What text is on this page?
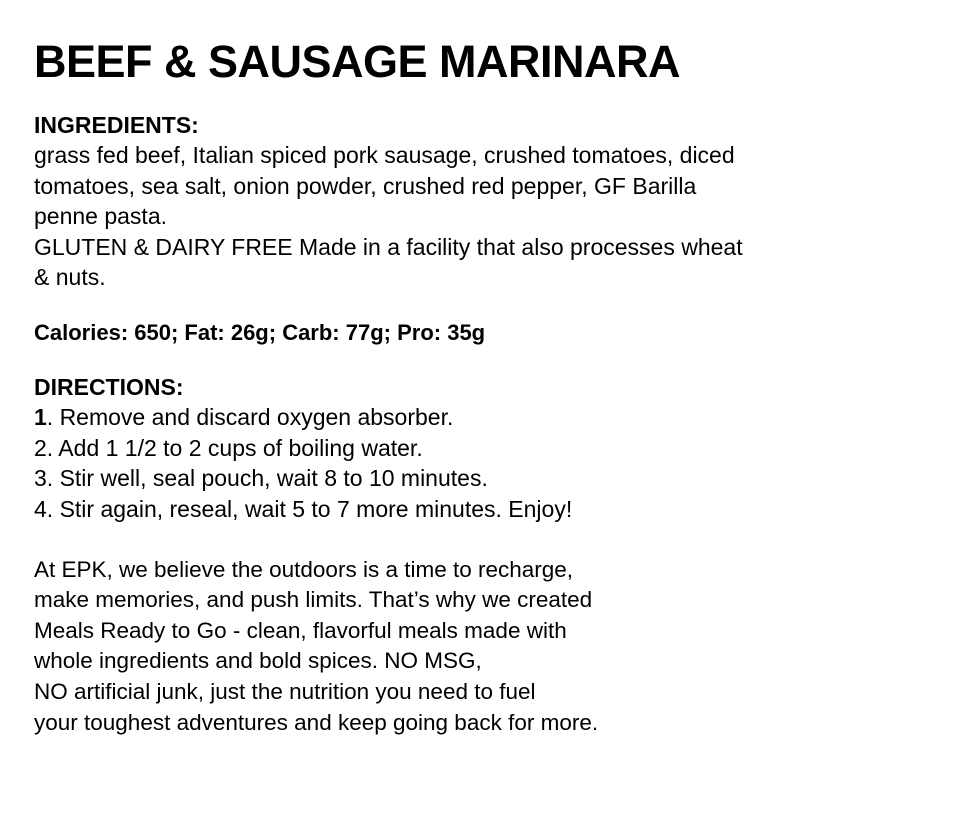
BEEF & SAUSAGE MARINARA

INGREDIENTS:

grass fed beef, Italian spiced pork sausage, crushed tomatoes, diced

tomatoes, sea salt, onion powder, crushed red pepper, GF Barilla

penne pasta.

GLUTEN & DAIRY FREE Made in a facility that also processes wheat

& nuts.

Calories: 650; Fat: 26g; Carb: 77g; Pro: 35g

DIRECTIONS:

1. Remove and discard oxygen absorber.

2. Add 1 1/2 to 2 cups of boiling water.

3. Stir well, seal pouch, wait 8 to 10 minutes.

4. Stir again, reseal, wait 5 to 7 more minutes. Enjoy!

At EPK, we believe the outdoors is a time to recharge,

make memories, and push limits. That’s why we created

Meals Ready to Go - clean, flavorful meals made with

whole ingredients and bold spices. NO MSG,

NO artificial junk, just the nutrition you need to fuel

your toughest adventures and keep going back for more.
